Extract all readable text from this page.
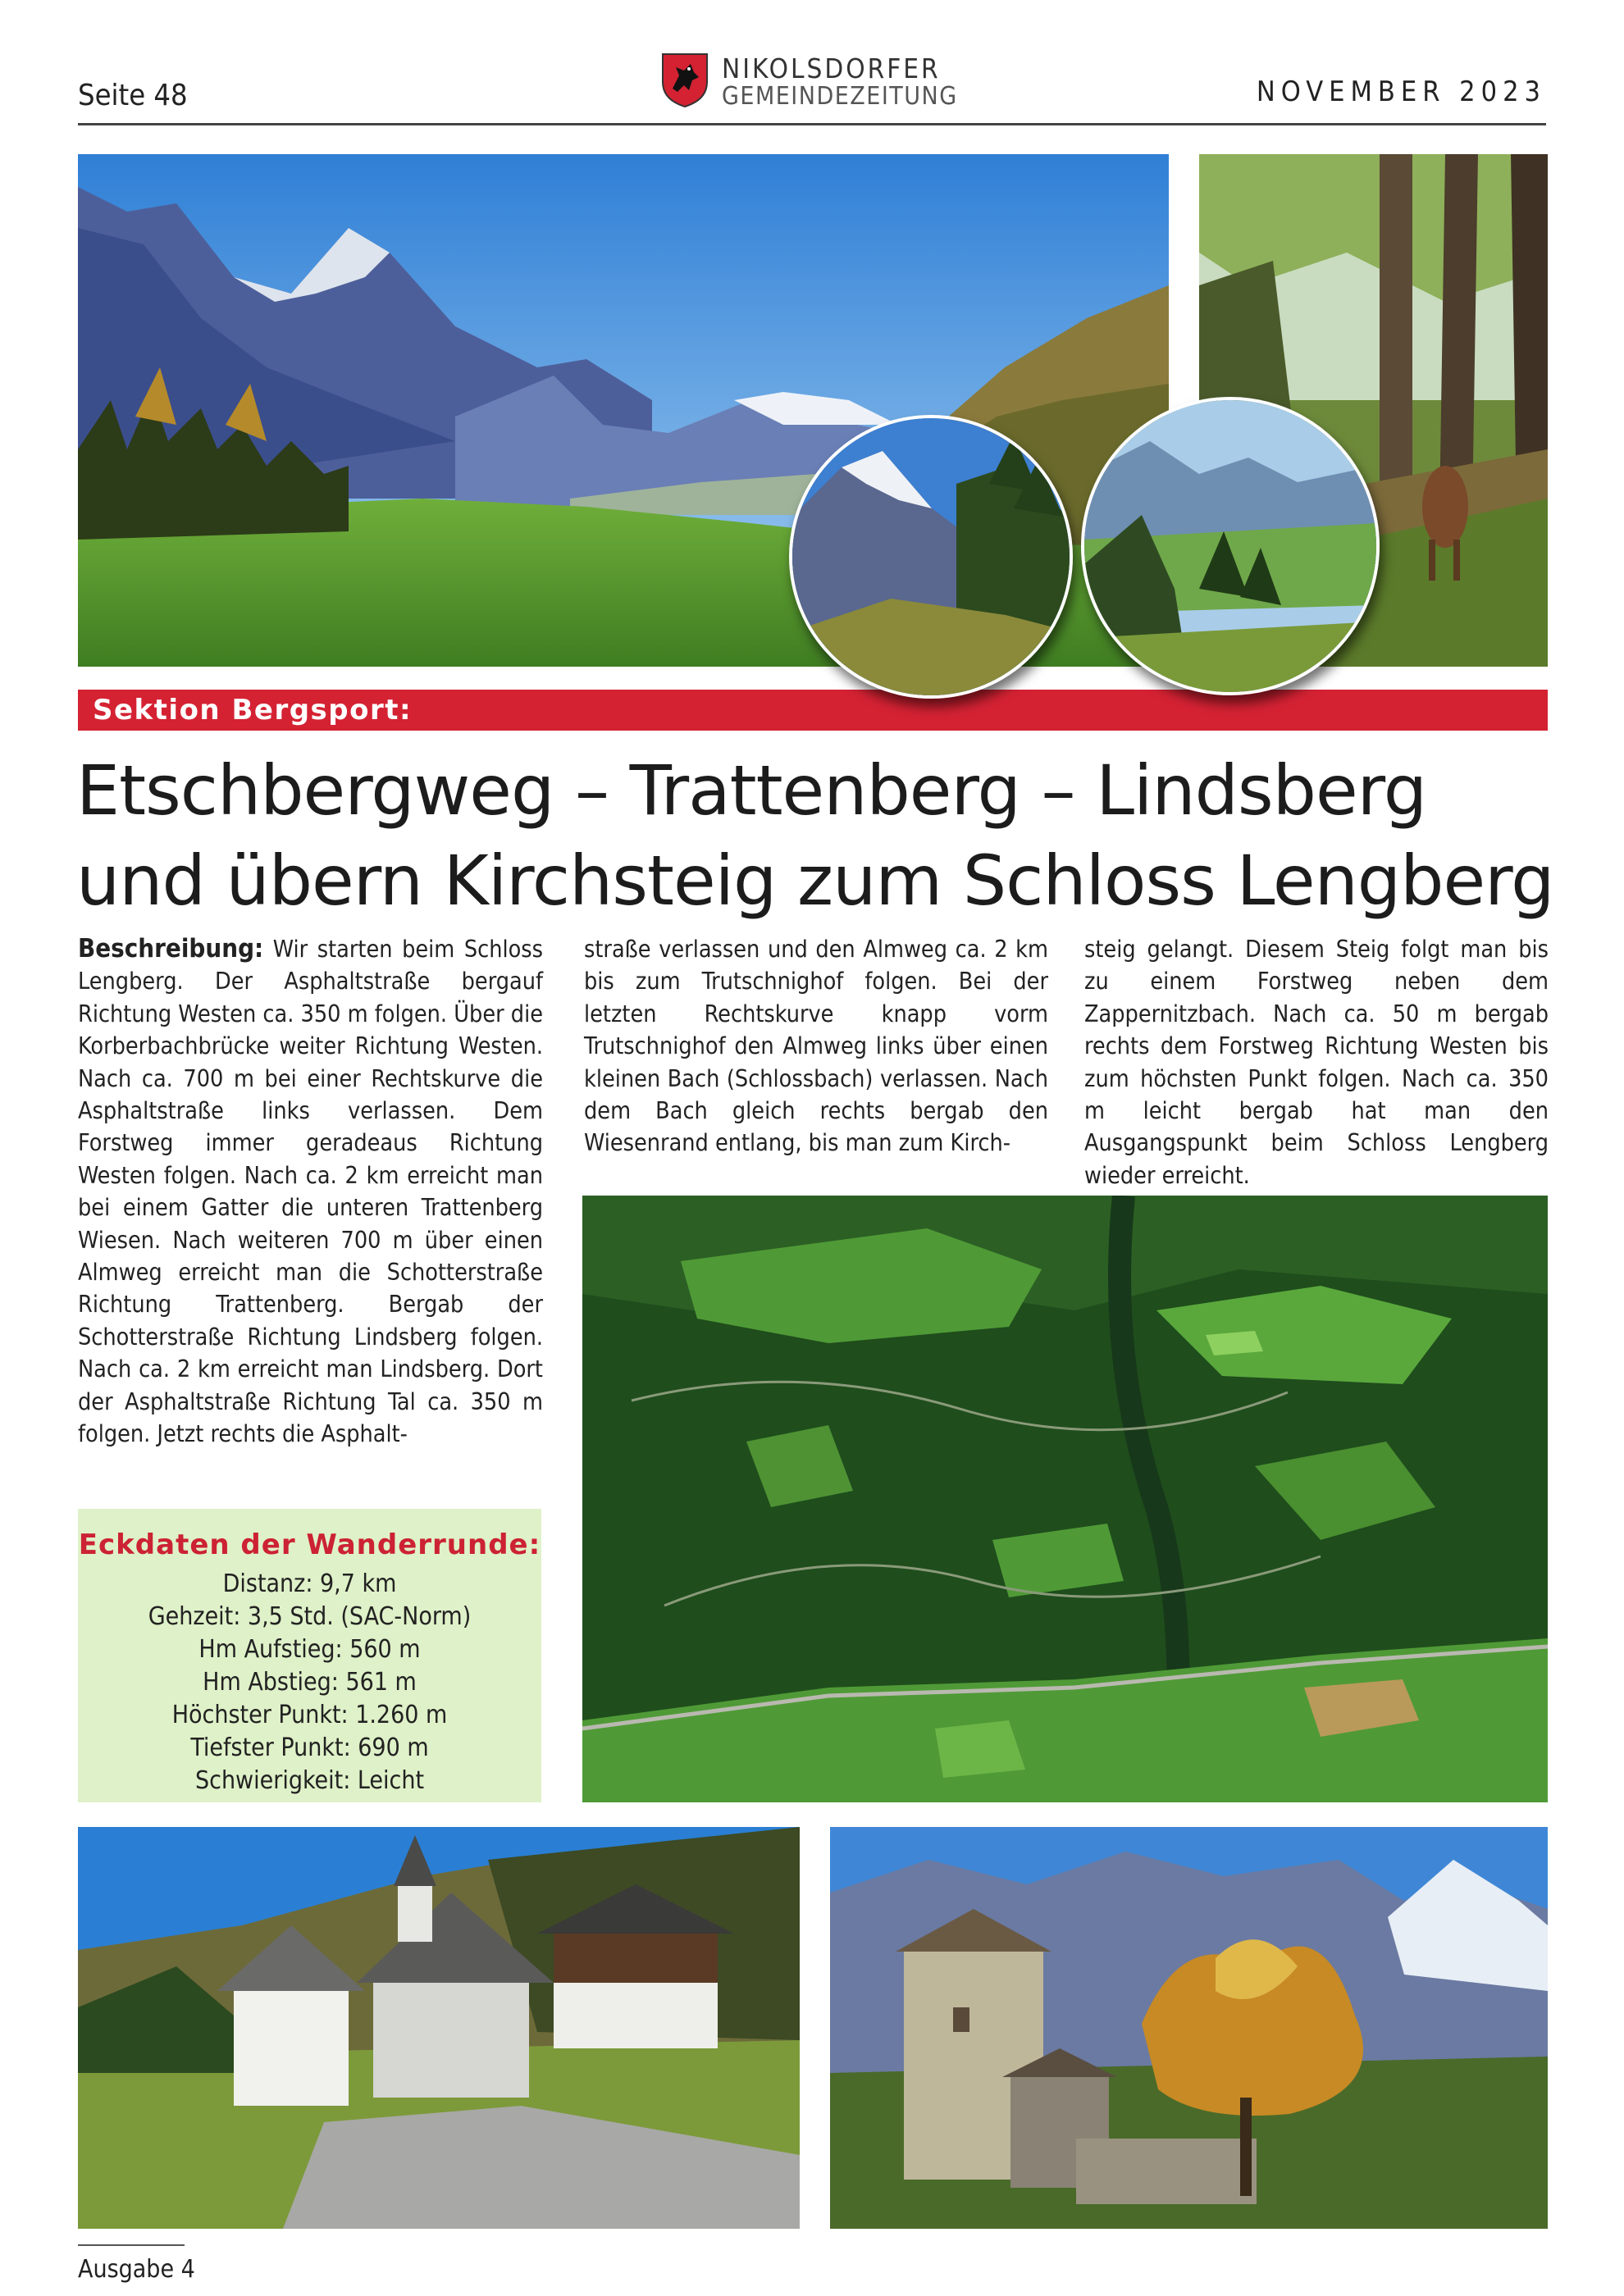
Seite 48
NIKOLSDORFER
GEMEINDEZEITUNG	NOVEMBER 2023
Sektion Bergsport:
Etschbergweg – Trattenberg – Lindsberg
und übern Kirchsteig zum Schloss Lengberg

Beschreibung: Wir starten beim Schloss Lengberg. Der Asphaltstraße bergauf Richtung Westen ca. 350 m folgen. Über die Korberbachbrücke weiter Richtung Westen. Nach ca. 700 m bei einer Rechtskurve die Asphaltstraße links verlassen. Dem Forstweg immer geradeaus Richtung Westen folgen. Nach ca. 2 km erreicht man bei einem Gatter die unteren Trattenberg Wiesen. Nach weiteren 700 m über einen Almweg erreicht man die Schotterstraße Richtung Trattenberg. Bergab der Schotterstraße Richtung Lindsberg folgen. Nach ca. 2 km erreicht man Lindsberg. Dort der Asphaltstraße Richtung Tal ca. 350 m folgen. Jetzt rechts die Asphalt-

straße verlassen und den Almweg ca. 2 km bis zum Trutschnighof folgen. Bei der letzten Rechtskurve knapp vorm Trutschnighof den Almweg links über einen kleinen Bach (Schlossbach) verlassen. Nach dem Bach gleich rechts bergab den Wiesenrand entlang, bis man zum Kirch-

steig gelangt. Diesem Steig folgt man bis zu einem Forstweg neben dem Zappernitzbach. Nach ca. 50 m bergab rechts dem Forstweg Richtung Westen bis zum höchsten Punkt folgen. Nach ca. 350 m leicht bergab hat man den Ausgangspunkt beim Schloss Lengberg wieder erreicht.

Eckdaten der Wanderrunde:
Distanz: 9,7 km
Gehzeit: 3,5 Std. (SAC-Norm)
Hm Aufstieg: 560 m
Hm Abstieg: 561 m
Höchster Punkt: 1.260 m
Tiefster Punkt: 690 m
Schwierigkeit: Leicht
Ausgabe 4
